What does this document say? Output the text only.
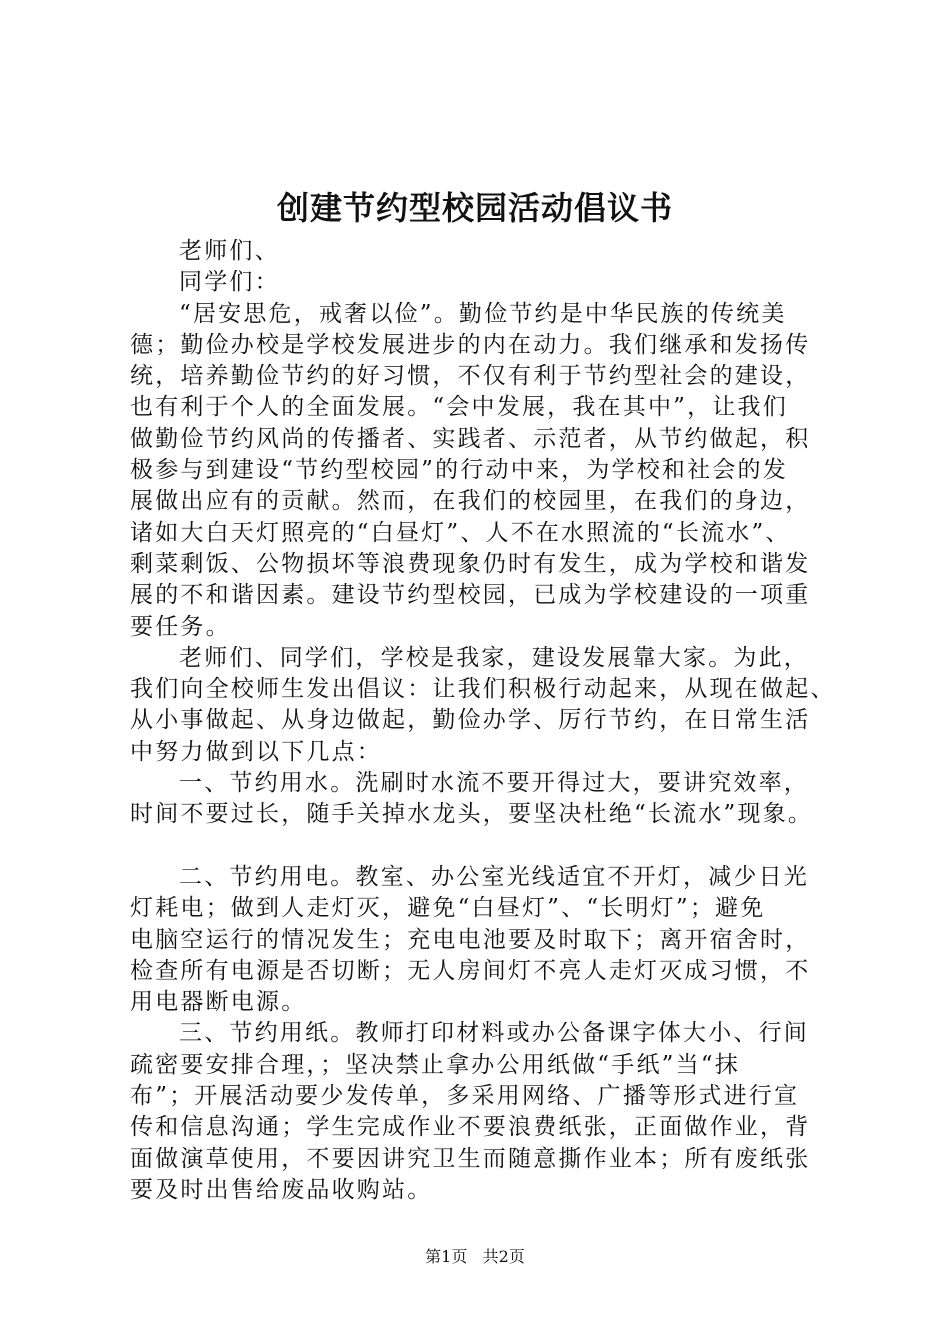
创建节约型校园活动倡议书
老师们、
同学们：
“居安思危，戒奢以俭”。勤俭节约是中华民族的传统美
德；勤俭办校是学校发展进步的内在动力。我们继承和发扬传
统，培养勤俭节约的好习惯，不仅有利于节约型社会的建设，
也有利于个人的全面发展。“会中发展，我在其中”，让我们
做勤俭节约风尚的传播者、实践者、示范者，从节约做起，积
极参与到建设“节约型校园”的行动中来，为学校和社会的发
展做出应有的贡献。然而，在我们的校园里，在我们的身边，
诸如大白天灯照亮的“白昼灯”、人不在水照流的“长流水”、
剩菜剩饭、公物损坏等浪费现象仍时有发生，成为学校和谐发
展的不和谐因素。建设节约型校园，已成为学校建设的一项重
要任务。
老师们、同学们，学校是我家，建设发展靠大家。为此，
我们向全校师生发出倡议：让我们积极行动起来，从现在做起、
从小事做起、从身边做起，勤俭办学、厉行节约，在日常生活
中努力做到以下几点：
一、节约用水。洗刷时水流不要开得过大，要讲究效率，
时间不要过长，随手关掉水龙头，要坚决杜绝“长流水”现象。
二、节约用电。教室、办公室光线适宜不开灯，减少日光
灯耗电；做到人走灯灭，避免“白昼灯”、“长明灯”；避免
电脑空运行的情况发生；充电电池要及时取下；离开宿舍时，
检查所有电源是否切断；无人房间灯不亮人走灯灭成习惯，不
用电器断电源。
三、节约用纸。教师打印材料或办公备课字体大小、行间
疏密要安排合理，；坚决禁止拿办公用纸做“手纸”当“抹
布”；开展活动要少发传单，多采用网络、广播等形式进行宣
传和信息沟通；学生完成作业不要浪费纸张，正面做作业，背
面做演草使用，不要因讲究卫生而随意撕作业本；所有废纸张
要及时出售给废品收购站。
第1页 共2页
